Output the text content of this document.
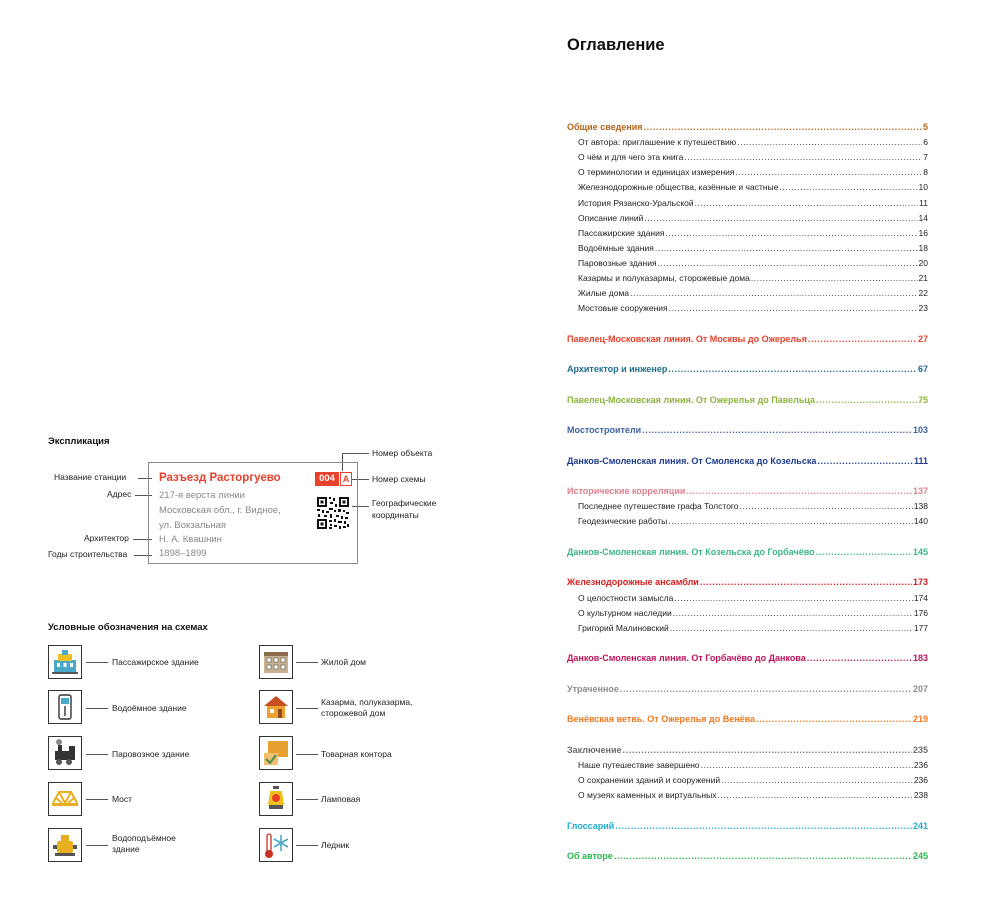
Экспликация
Название станции
Адрес
Архитектор
Годы строительства
Номер объекта
Номер схемы
Географические
координаты
Разъезд Расторгуево
217-я верста линии
Московская обл., г. Видное,
ул. Вокзальная
Н. А. Квашнин
1898–1899
004 А
Условные обозначения на схемах
Пассажирское здание
Водоёмное здание
Паровозное здание
Мост
Водоподъёмное
здание
Жилой дом
Казарма, полуказарма,
сторожевой дом
Товарная контора
Ламповая
Ледник
Оглавление
Общие сведения .....	5
От автора: приглашение к путешествию .....	6
О чём и для чего эта книга .....	7
О терминологии и единицах измерения .....	8
Железнодорожные общества, казённые и частные .....	10
История Рязанско-Уральской .....	11
Описание линий .....	14
Пассажирские здания .....	16
Водоёмные здания .....	18
Паровозные здания .....	20
Казармы и полуказармы, сторожевые дома .....	21
Жилые дома .....	22
Мостовые сооружения .....	23
Павелец-Московская линия. От Москвы до Ожерелья .....	27
Архитектор и инженер .....	67
Павелец-Московская линия. От Ожерелья до Павельца .....	75
Мостостроители .....	103
Данков-Смоленская линия. От Смоленска до Козельска .....	111
Исторические корреляции .....	137
Последнее путешествие графа Толстого .....	138
Геодезические работы .....	140
Данков-Смоленская линия. От Козельска до Горбачёво .....	145
Железнодорожные ансамбли .....	173
О целостности замысла .....	174
О культурном наследии .....	176
Григорий Малиновский .....	177
Данков-Смоленская линия. От Горбачёво до Данкова .....	183
Утраченное .....	207
Венёвская ветвь. От Ожерелья до Венёва .....	219
Заключение .....	235
Наше путешествие завершено .....	236
О сохранении зданий и сооружений .....	236
О музеях каменных и виртуальных .....	238
Глоссарий .....	241
Об авторе .....	245
